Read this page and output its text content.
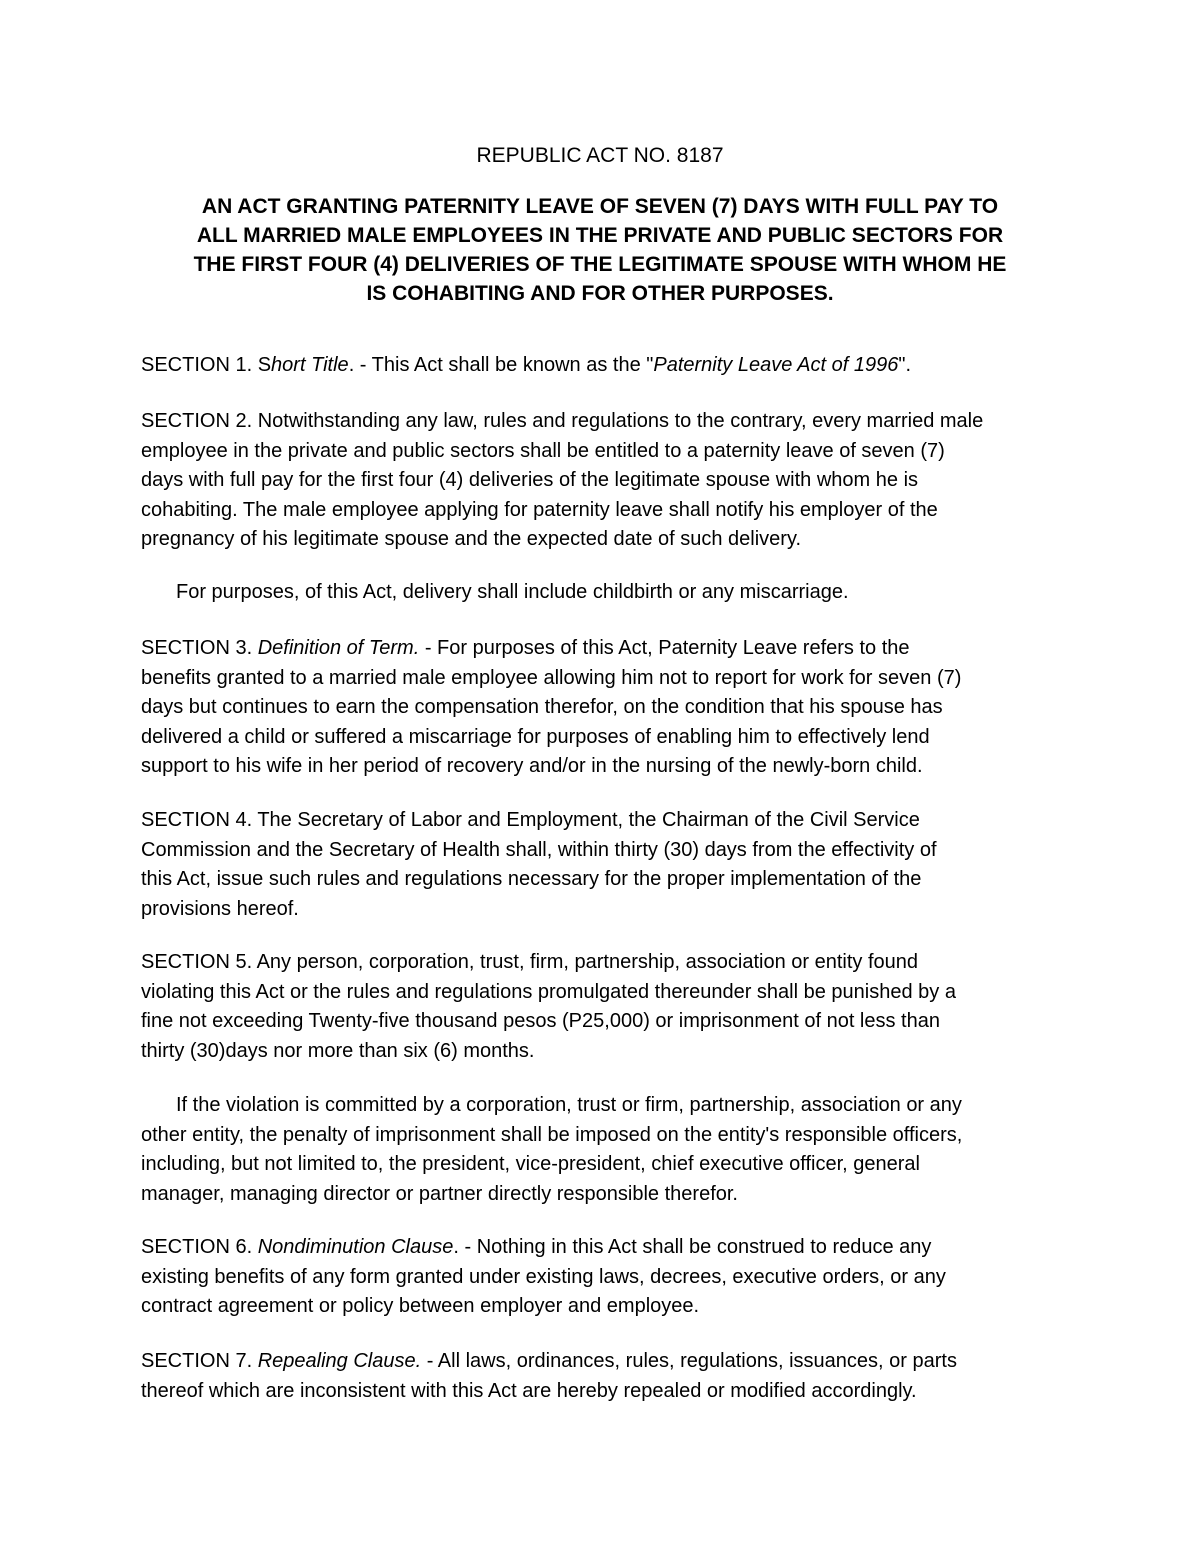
REPUBLIC ACT NO. 8187
AN ACT GRANTING PATERNITY LEAVE OF SEVEN (7) DAYS WITH FULL PAY TO
ALL MARRIED MALE EMPLOYEES IN THE PRIVATE AND PUBLIC SECTORS FOR
THE FIRST FOUR (4) DELIVERIES OF THE LEGITIMATE SPOUSE WITH WHOM HE
IS COHABITING AND FOR OTHER PURPOSES.

SECTION 1. Short Title. - This Act shall be known as the "Paternity Leave Act of 1996".

SECTION 2. Notwithstanding any law, rules and regulations to the contrary, every married male
employee in the private and public sectors shall be entitled to a paternity leave of seven (7)
days with full pay for the first four (4) deliveries of the legitimate spouse with whom he is
cohabiting. The male employee applying for paternity leave shall notify his employer of the
pregnancy of his legitimate spouse and the expected date of such delivery.

For purposes, of this Act, delivery shall include childbirth or any miscarriage.

SECTION 3. Definition of Term. - For purposes of this Act, Paternity Leave refers to the
benefits granted to a married male employee allowing him not to report for work for seven (7)
days but continues to earn the compensation therefor, on the condition that his spouse has
delivered a child or suffered a miscarriage for purposes of enabling him to effectively lend
support to his wife in her period of recovery and/or in the nursing of the newly-born child.

SECTION 4. The Secretary of Labor and Employment, the Chairman of the Civil Service
Commission and the Secretary of Health shall, within thirty (30) days from the effectivity of
this Act, issue such rules and regulations necessary for the proper implementation of the
provisions hereof.

SECTION 5. Any person, corporation, trust, firm, partnership, association or entity found
violating this Act or the rules and regulations promulgated thereunder shall be punished by a
fine not exceeding Twenty-five thousand pesos (P25,000) or imprisonment of not less than
thirty (30)days nor more than six (6) months.

If the violation is committed by a corporation, trust or firm, partnership, association or any
other entity, the penalty of imprisonment shall be imposed on the entity's responsible officers,
including, but not limited to, the president, vice-president, chief executive officer, general
manager, managing director or partner directly responsible therefor.

SECTION 6. Nondiminution Clause. - Nothing in this Act shall be construed to reduce any
existing benefits of any form granted under existing laws, decrees, executive orders, or any
contract agreement or policy between employer and employee.

SECTION 7. Repealing Clause. - All laws, ordinances, rules, regulations, issuances, or parts
thereof which are inconsistent with this Act are hereby repealed or modified accordingly.
